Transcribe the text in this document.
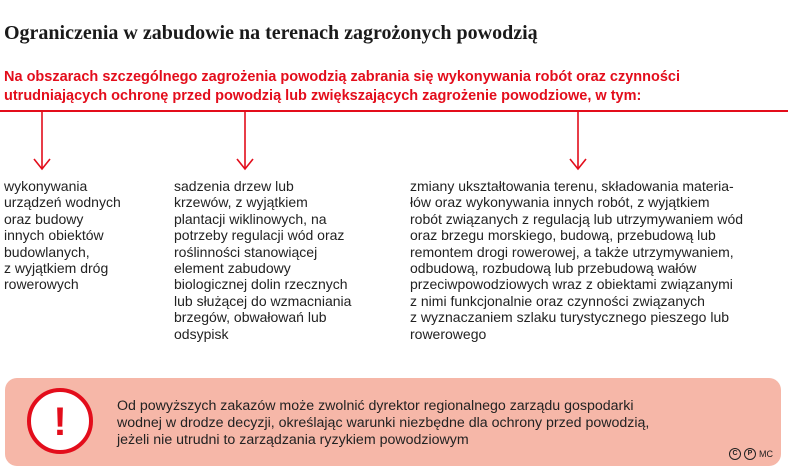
Ograniczenia w zabudowie na terenach zagrożonych powodzią
Na obszarach szczególnego zagrożenia powodzią zabrania się wykonywania robót oraz czynności
utrudniających ochronę przed powodzią lub zwiększających zagrożenie powodziowe, w tym:
wykonywania
urządzeń wodnych
oraz budowy
innych obiektów
budowlanych,
z wyjątkiem dróg
rowerowych
sadzenia drzew lub
krzewów, z wyjątkiem
plantacji wiklinowych, na
potrzeby regulacji wód oraz
roślinności stanowiącej
element zabudowy
biologicznej dolin rzecznych
lub służącej do wzmacniania
brzegów, obwałowań lub
odsypisk
zmiany ukształtowania terenu, składowania materia-
łów oraz wykonywania innych robót, z wyjątkiem
robót związanych z regulacją lub utrzymywaniem wód
oraz brzegu morskiego, budową, przebudową lub
remontem drogi rowerowej, a także utrzymywaniem,
odbudową, rozbudową lub przebudową wałów
przeciwpowodziowych wraz z obiektami związanymi
z nimi funkcjonalnie oraz czynności związanych
z wyznaczaniem szlaku turystycznego pieszego lub
rowerowego
!	Od powyższych zakazów może zwolnić dyrektor regionalnego zarządu gospodarki
wodnej w drodze decyzji, określając warunki niezbędne dla ochrony przed powodzią,
jeżeli nie utrudni to zarządzania ryzykiem powodziowym
C	P MC
